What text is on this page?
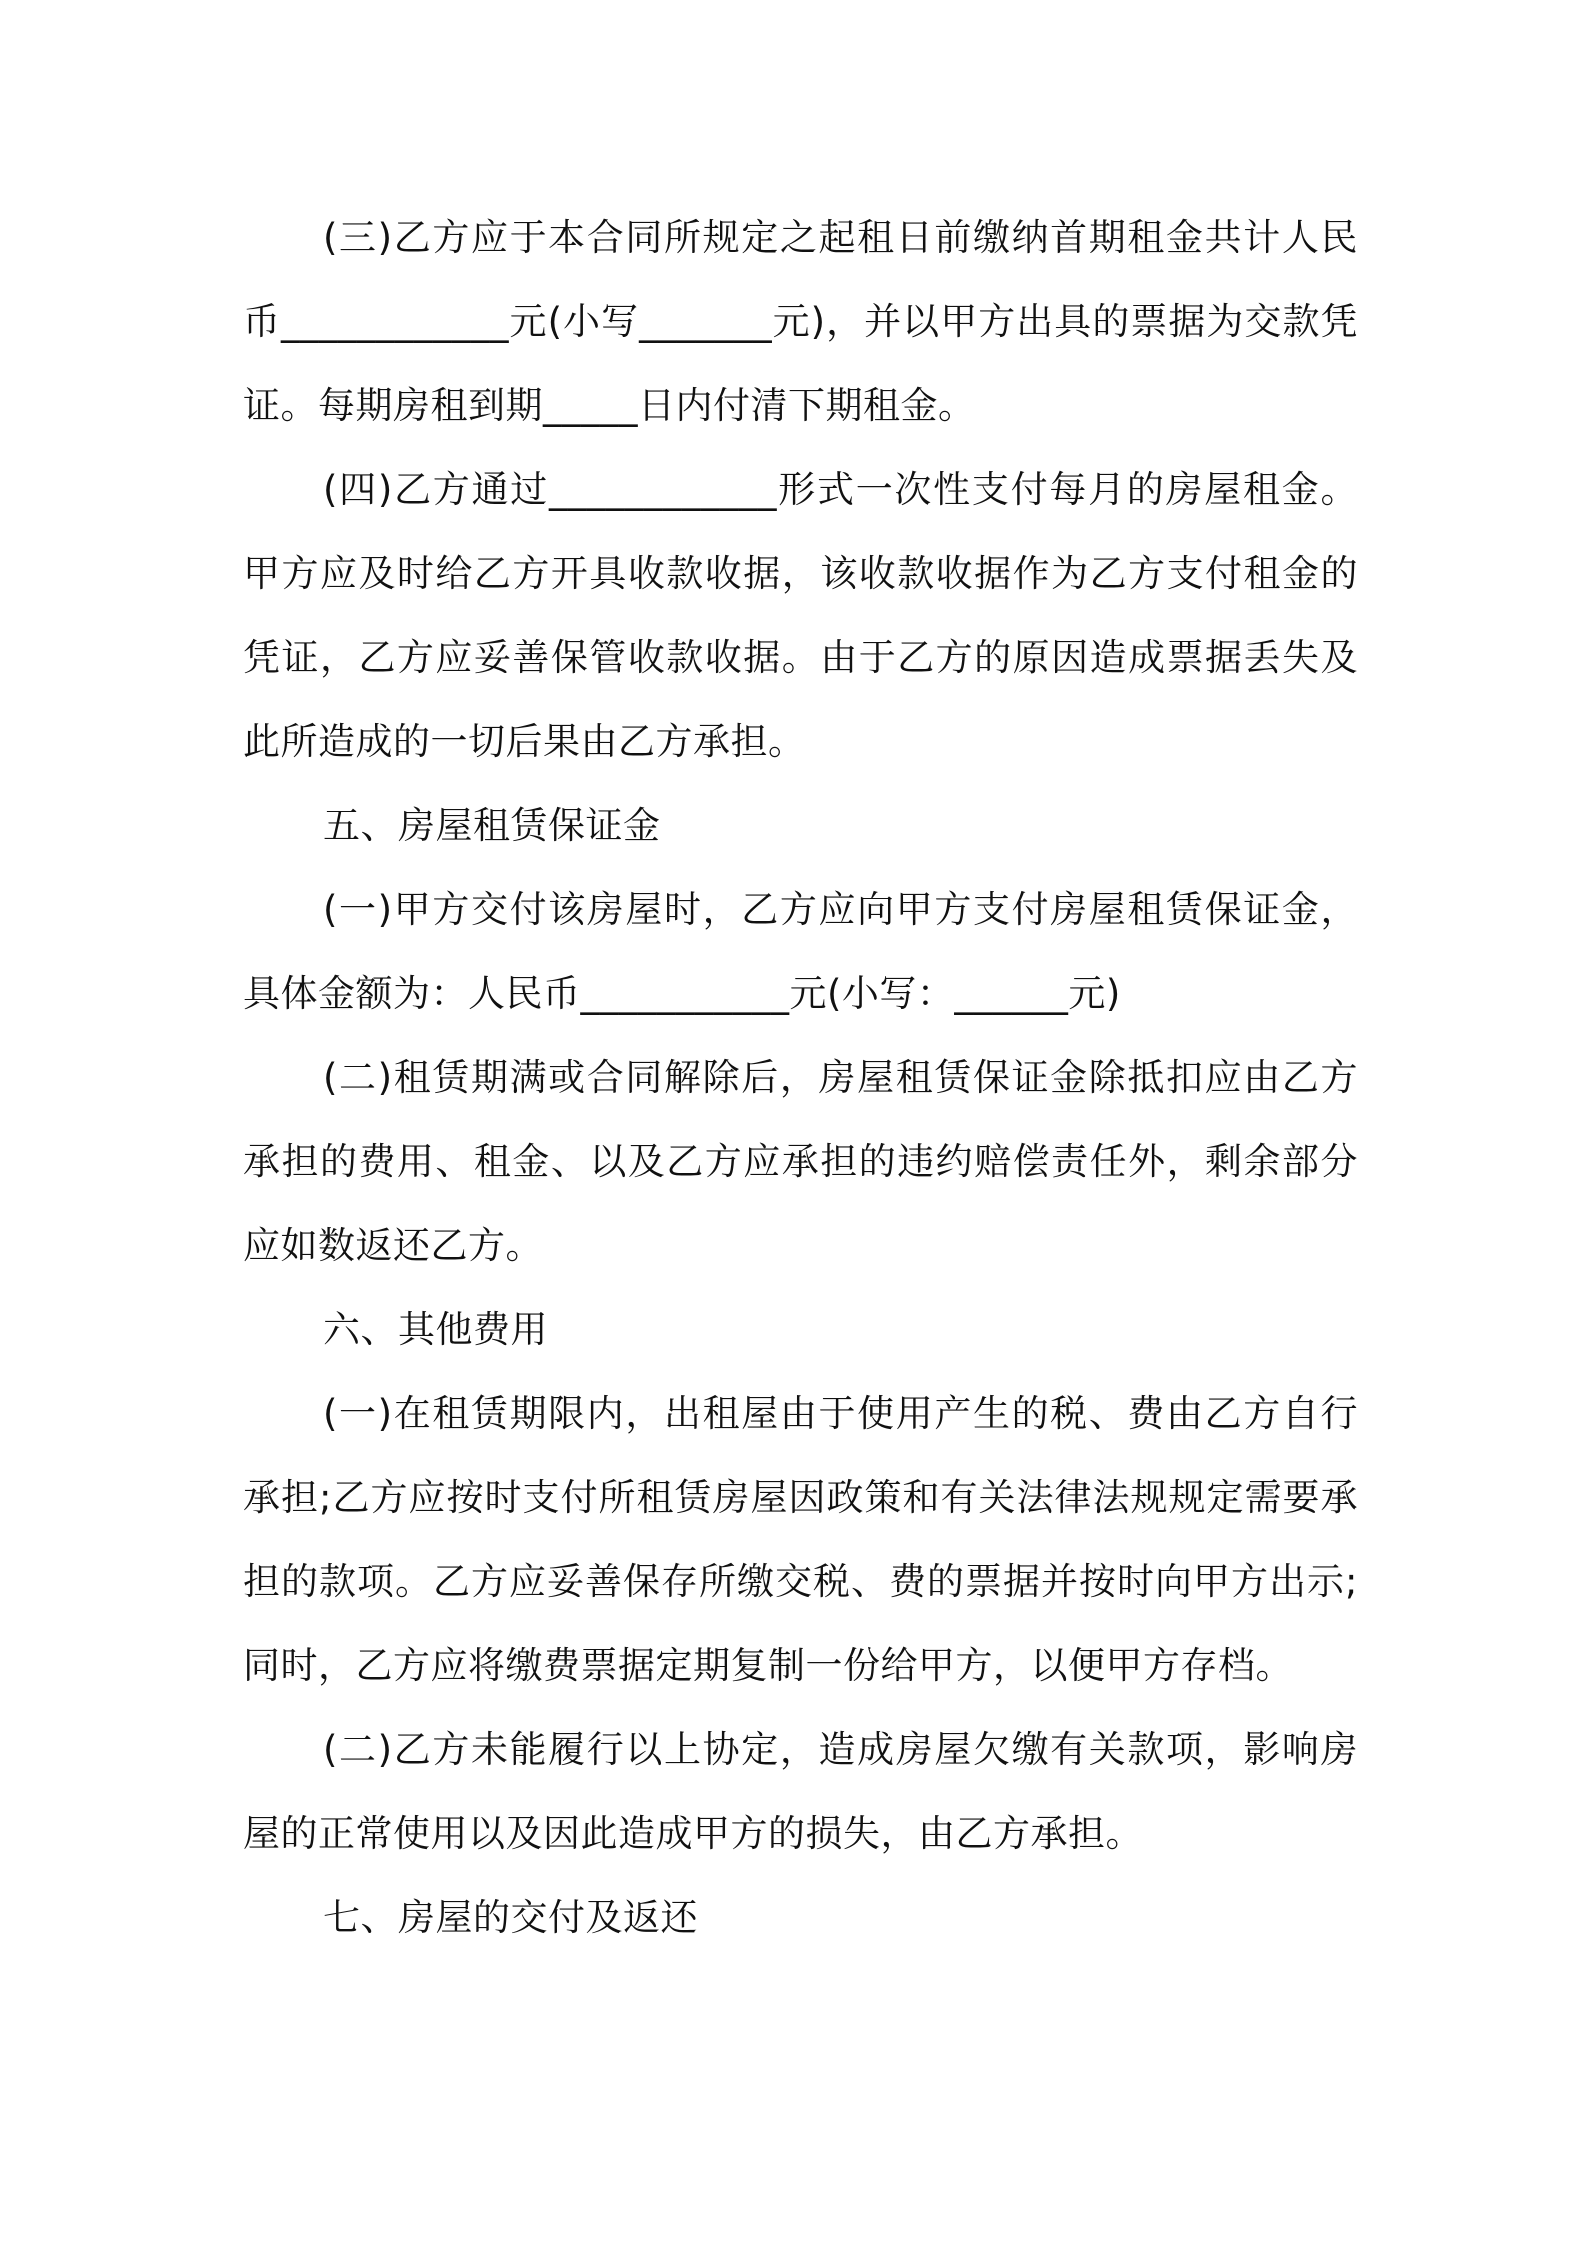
(三)乙方应于本合同所规定之起租日前缴纳首期租金共计人民币____________元(小写_______元)，并以甲方出具的票据为交款凭证。每期房租到期_____日内付清下期租金。

(四)乙方通过____________形式一次性支付每月的房屋租金。甲方应及时给乙方开具收款收据，该收款收据作为乙方支付租金的凭证，乙方应妥善保管收款收据。由于乙方的原因造成票据丢失及此所造成的一切后果由乙方承担。

五、房屋租赁保证金

(一)甲方交付该房屋时，乙方应向甲方支付房屋租赁保证金，具体金额为：人民币___________元(小写：______元)

(二)租赁期满或合同解除后，房屋租赁保证金除抵扣应由乙方承担的费用、租金、以及乙方应承担的违约赔偿责任外，剩余部分应如数返还乙方。

六、其他费用

(一)在租赁期限内，出租屋由于使用产生的税、费由乙方自行承担;乙方应按时支付所租赁房屋因政策和有关法律法规规定需要承担的款项。乙方应妥善保存所缴交税、费的票据并按时向甲方出示;同时，乙方应将缴费票据定期复制一份给甲方，以便甲方存档。

(二)乙方未能履行以上协定，造成房屋欠缴有关款项，影响房屋的正常使用以及因此造成甲方的损失，由乙方承担。

七、房屋的交付及返还
